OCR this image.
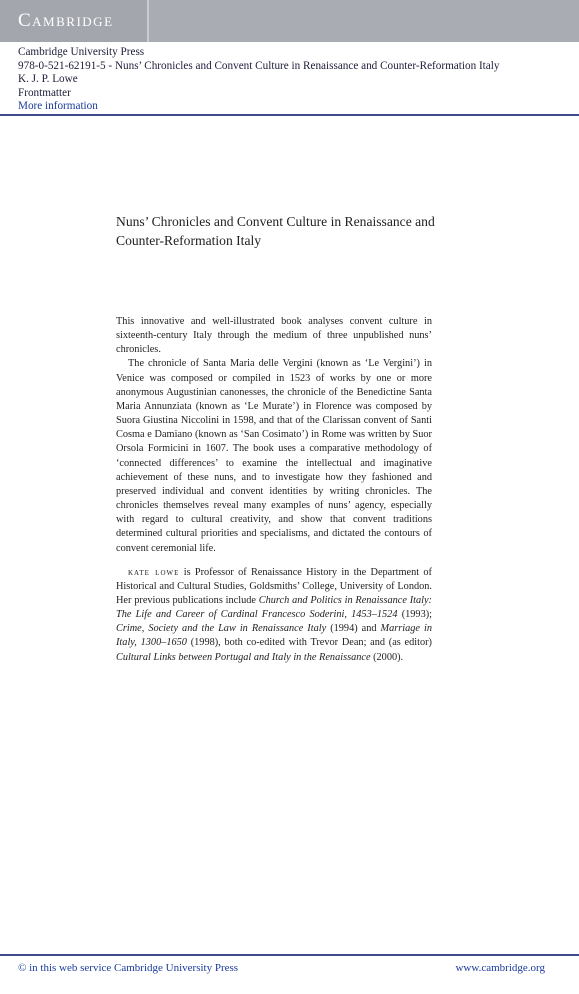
Cambridge
Cambridge University Press
978-0-521-62191-5 - Nuns’ Chronicles and Convent Culture in Renaissance and Counter-Reformation Italy
K. J. P. Lowe
Frontmatter
More information
Nuns’ Chronicles and Convent Culture in Renaissance and Counter-Reformation Italy

This innovative and well-illustrated book analyses convent culture in sixteenth-century Italy through the medium of three unpublished nuns’ chronicles.

The chronicle of Santa Maria delle Vergini (known as ‘Le Vergini’) in Venice was composed or compiled in 1523 of works by one or more anonymous Augustinian canonesses, the chronicle of the Benedictine Santa Maria Annunziata (known as ‘Le Murate’) in Florence was composed by Suora Giustina Niccolini in 1598, and that of the Clarissan convent of Santi Cosma e Damiano (known as ‘San Cosimato’) in Rome was written by Suor Orsola Formicini in 1607. The book uses a comparative methodology of ‘connected differences’ to examine the intellectual and imaginative achievement of these nuns, and to investigate how they fashioned and preserved individual and convent identities by writing chronicles. The chronicles themselves reveal many examples of nuns’ agency, especially with regard to cultural creativity, and show that convent traditions determined cultural priorities and specialisms, and dictated the contours of convent ceremonial life.

kate lowe is Professor of Renaissance History in the Department of Historical and Cultural Studies, Goldsmiths’ College, University of London. Her previous publications include Church and Politics in Renaissance Italy: The Life and Career of Cardinal Francesco Soderini, 1453–1524 (1993); Crime, Society and the Law in Renaissance Italy (1994) and Marriage in Italy, 1300–1650 (1998), both co-edited with Trevor Dean; and (as editor) Cultural Links between Portugal and Italy in the Renaissance (2000).

© in this web service Cambridge University Press	www.cambridge.org
